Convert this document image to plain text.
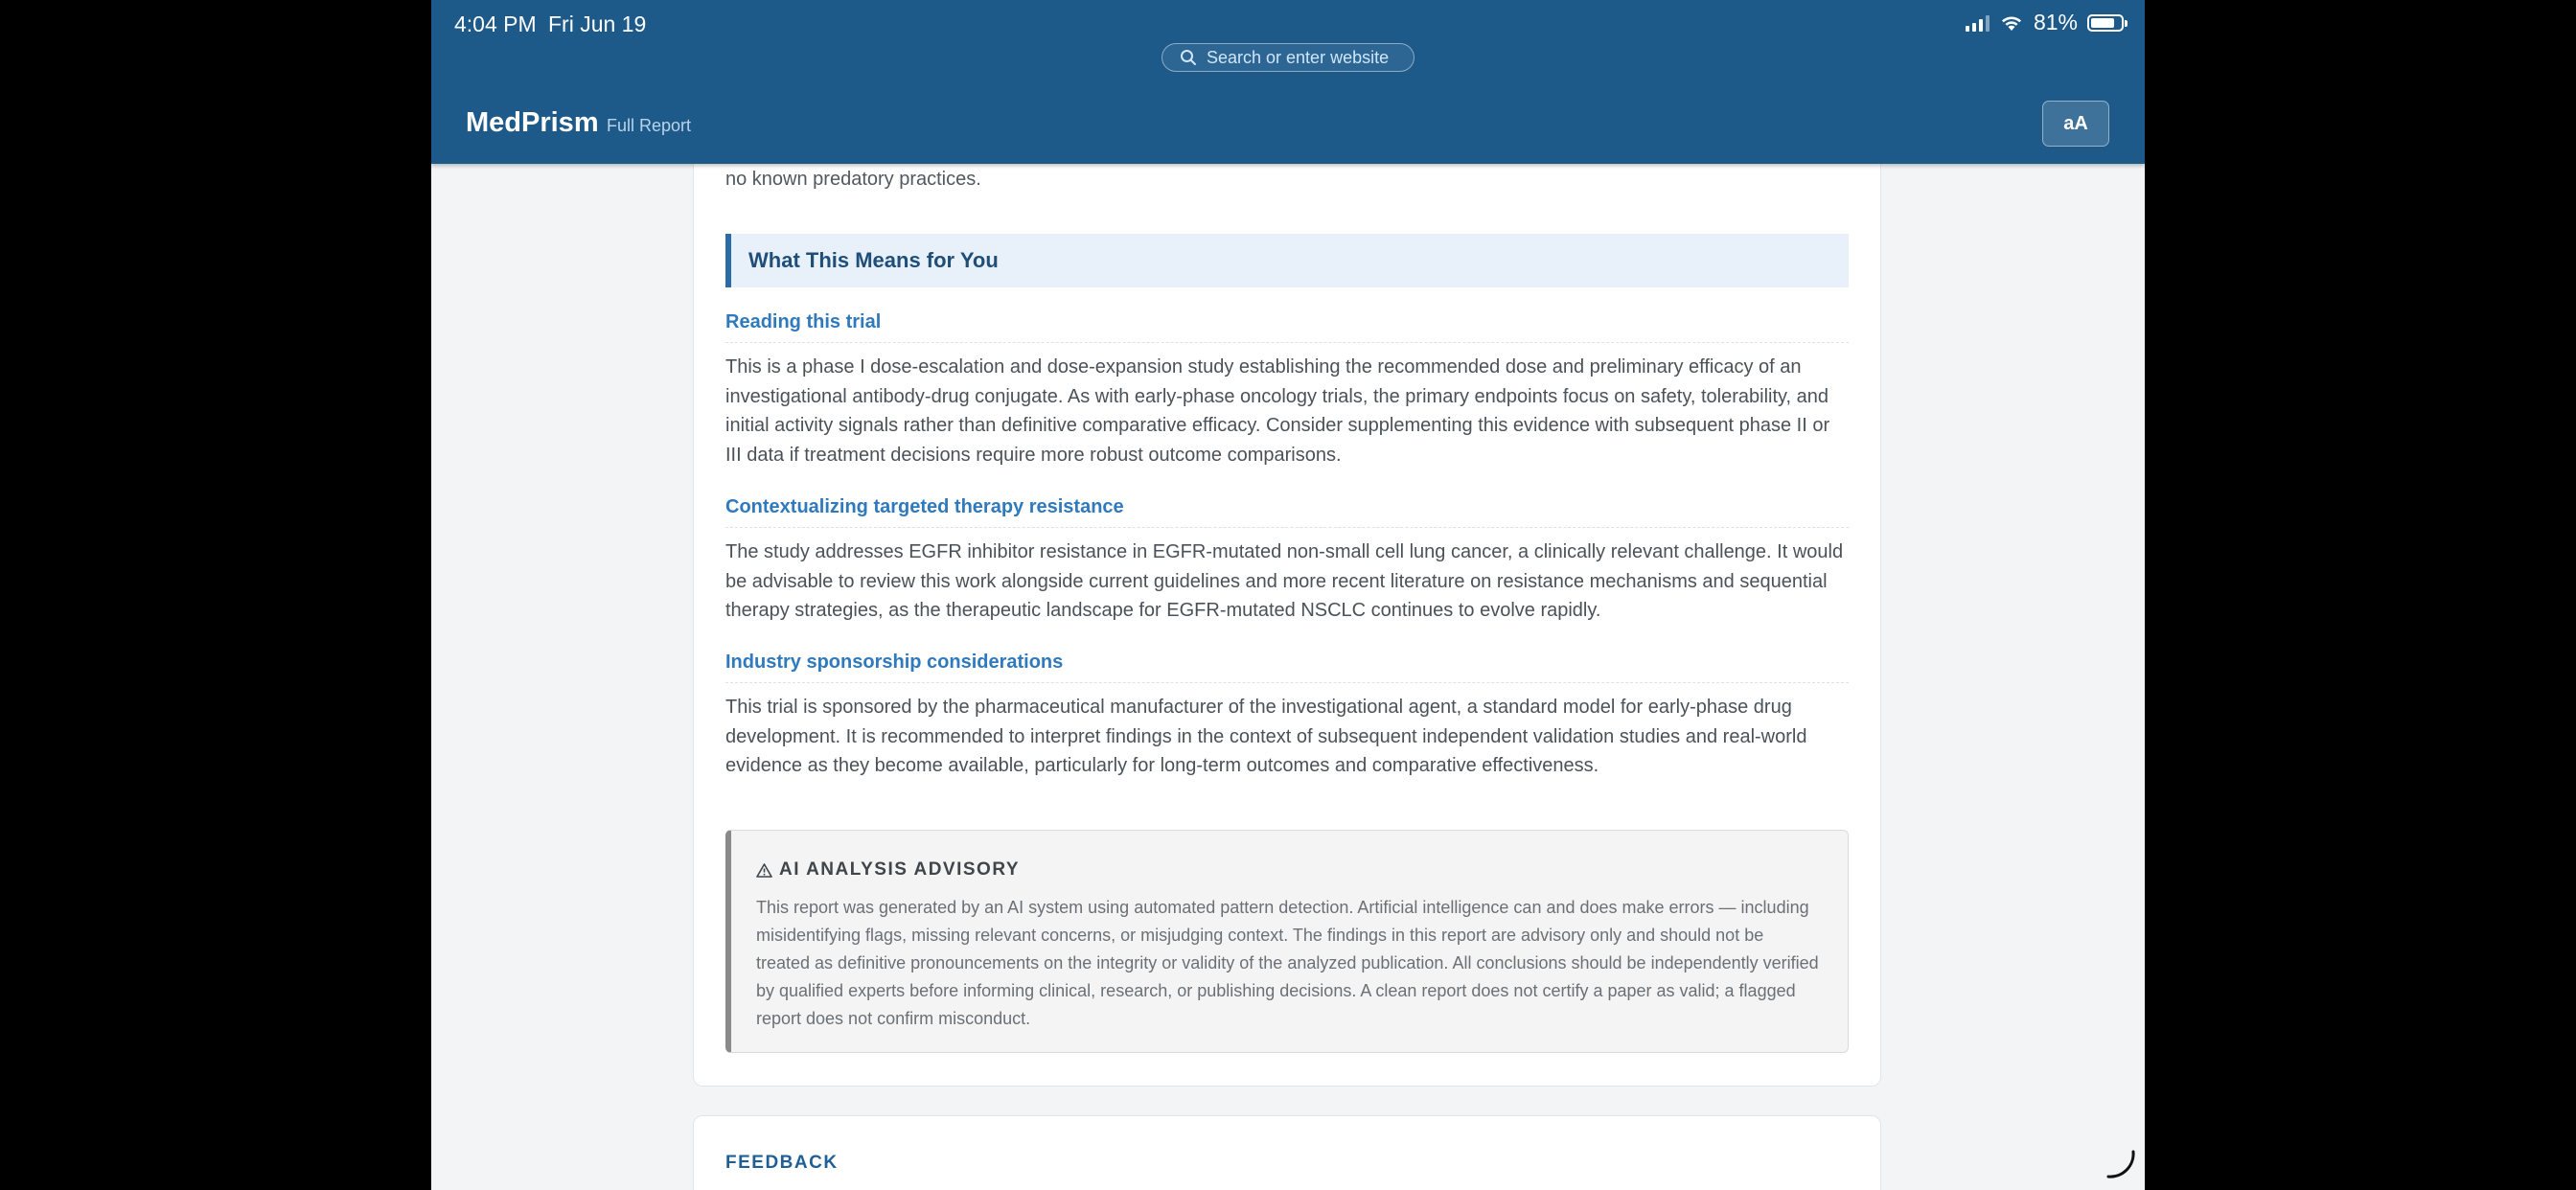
4:04 PM Fri Jun 19	81%
Search or enter website
MedPrism Full Report	aA

no known predatory practices.

What This Means for You
Reading this trial

This is a phase I dose-escalation and dose-expansion study establishing the recommended dose and preliminary efficacy of an investigational antibody-drug conjugate. As with early-phase oncology trials, the primary endpoints focus on safety, tolerability, and initial activity signals rather than definitive comparative efficacy. Consider supplementing this evidence with subsequent phase II or III data if treatment decisions require more robust outcome comparisons.

Contextualizing targeted therapy resistance

The study addresses EGFR inhibitor resistance in EGFR-mutated non-small cell lung cancer, a clinically relevant challenge. It would be advisable to review this work alongside current guidelines and more recent literature on resistance mechanisms and sequential therapy strategies, as the therapeutic landscape for EGFR-mutated NSCLC continues to evolve rapidly.

Industry sponsorship considerations

This trial is sponsored by the pharmaceutical manufacturer of the investigational agent, a standard model for early-phase drug development. It is recommended to interpret findings in the context of subsequent independent validation studies and real-world evidence as they become available, particularly for long-term outcomes and comparative effectiveness.

AI ANALYSIS ADVISORY

This report was generated by an AI system using automated pattern detection. Artificial intelligence can and does make errors — including misidentifying flags, missing relevant concerns, or misjudging context. The findings in this report are advisory only and should not be treated as definitive pronouncements on the integrity or validity of the analyzed publication. All conclusions should be independently verified by qualified experts before informing clinical, research, or publishing decisions. A clean report does not certify a paper as valid; a flagged report does not confirm misconduct.

FEEDBACK
